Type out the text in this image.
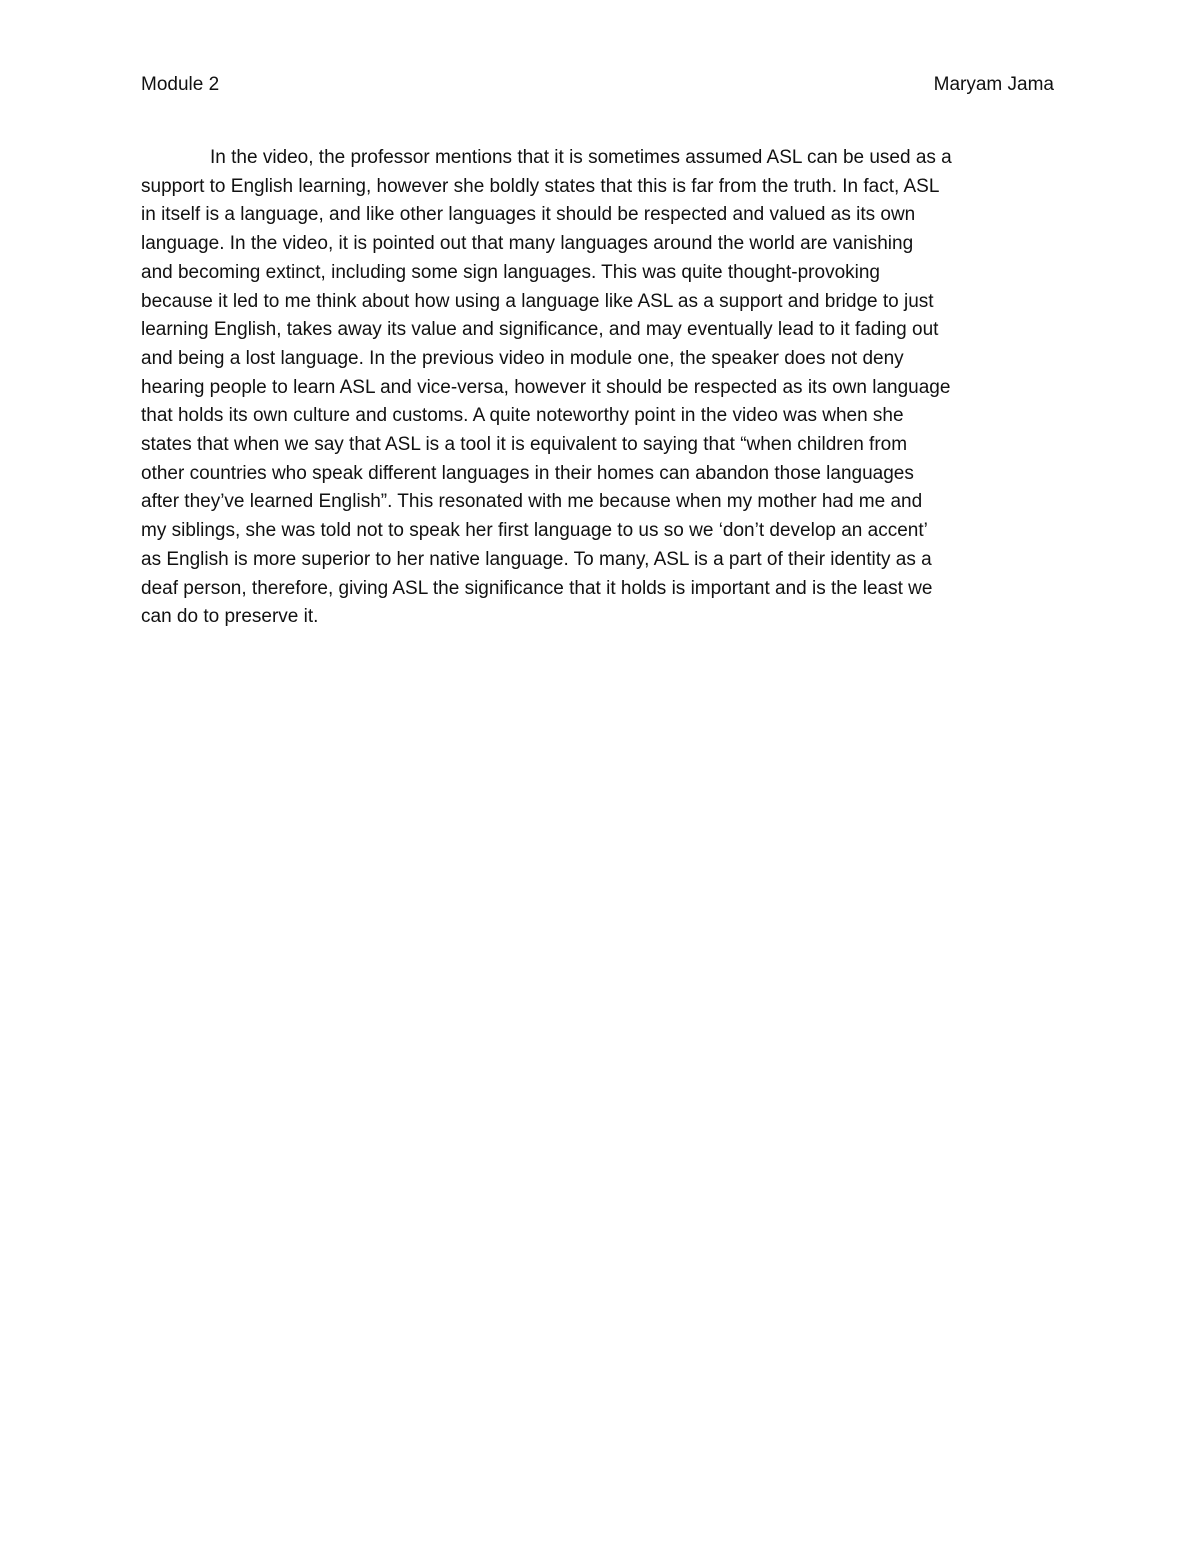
Module 2	Maryam Jama
In the video, the professor mentions that it is sometimes assumed ASL can be used as a
support to English learning, however she boldly states that this is far from the truth. In fact, ASL
in itself is a language, and like other languages it should be respected and valued as its own
language. In the video, it is pointed out that many languages around the world are vanishing
and becoming extinct, including some sign languages. This was quite thought-provoking
because it led to me think about how using a language like ASL as a support and bridge to just
learning English, takes away its value and significance, and may eventually lead to it fading out
and being a lost language. In the previous video in module one, the speaker does not deny
hearing people to learn ASL and vice-versa, however it should be respected as its own language
that holds its own culture and customs. A quite noteworthy point in the video was when she
states that when we say that ASL is a tool it is equivalent to saying that “when children from
other countries who speak different languages in their homes can abandon those languages
after they’ve learned English”. This resonated with me because when my mother had me and
my siblings, she was told not to speak her first language to us so we ‘don’t develop an accent’
as English is more superior to her native language. To many, ASL is a part of their identity as a
deaf person, therefore, giving ASL the significance that it holds is important and is the least we
can do to preserve it.
